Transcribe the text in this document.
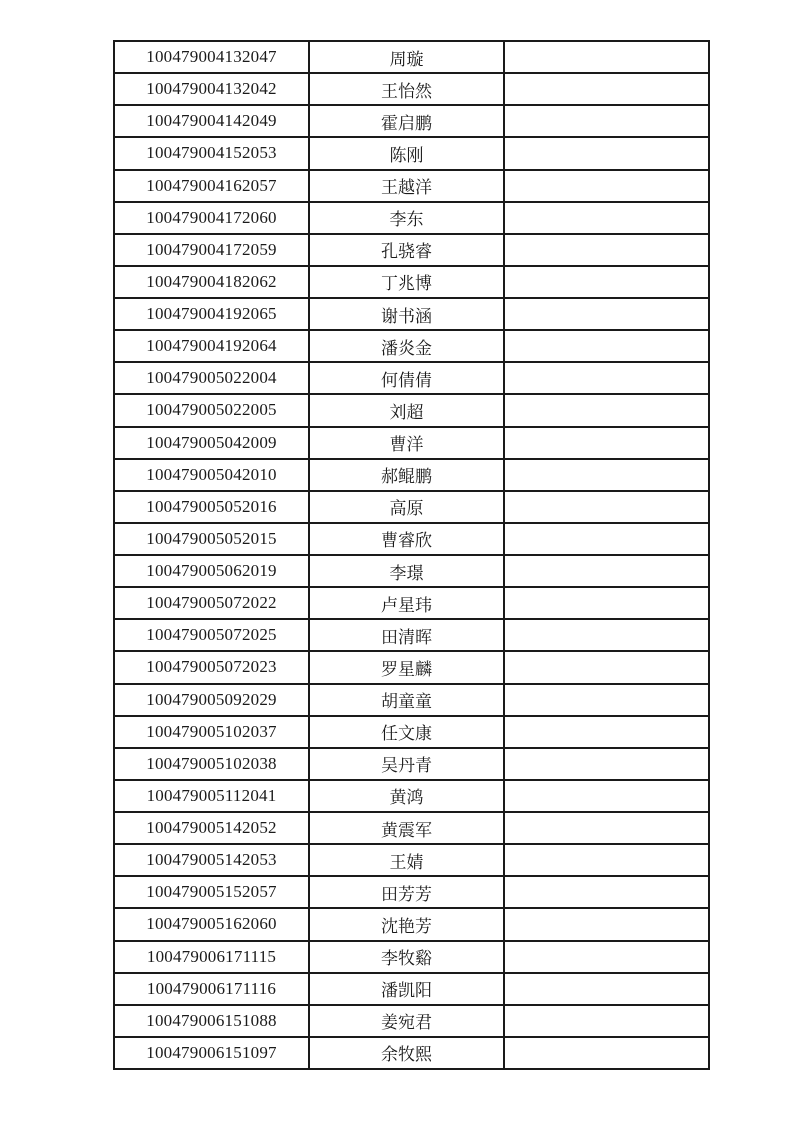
100479004132047	周璇	
100479004132042	王怡然	
100479004142049	霍启鹏	
100479004152053	陈刚	
100479004162057	王越洋	
100479004172060	李东	
100479004172059	孔骁睿	
100479004182062	丁兆博	
100479004192065	谢书涵	
100479004192064	潘炎金	
100479005022004	何倩倩	
100479005022005	刘超	
100479005042009	曹洋	
100479005042010	郝鲲鹏	
100479005052016	高原	
100479005052015	曹睿欣	
100479005062019	李璟	
100479005072022	卢星玮	
100479005072025	田清晖	
100479005072023	罗星麟	
100479005092029	胡童童	
100479005102037	任文康	
100479005102038	吴丹青	
100479005112041	黄鸿	
100479005142052	黄震军	
100479005142053	王婧	
100479005152057	田芳芳	
100479005162060	沈艳芳	
100479006171115	李牧谿	
100479006171116	潘凯阳	
100479006151088	姜宛君	
100479006151097	余牧熙	
